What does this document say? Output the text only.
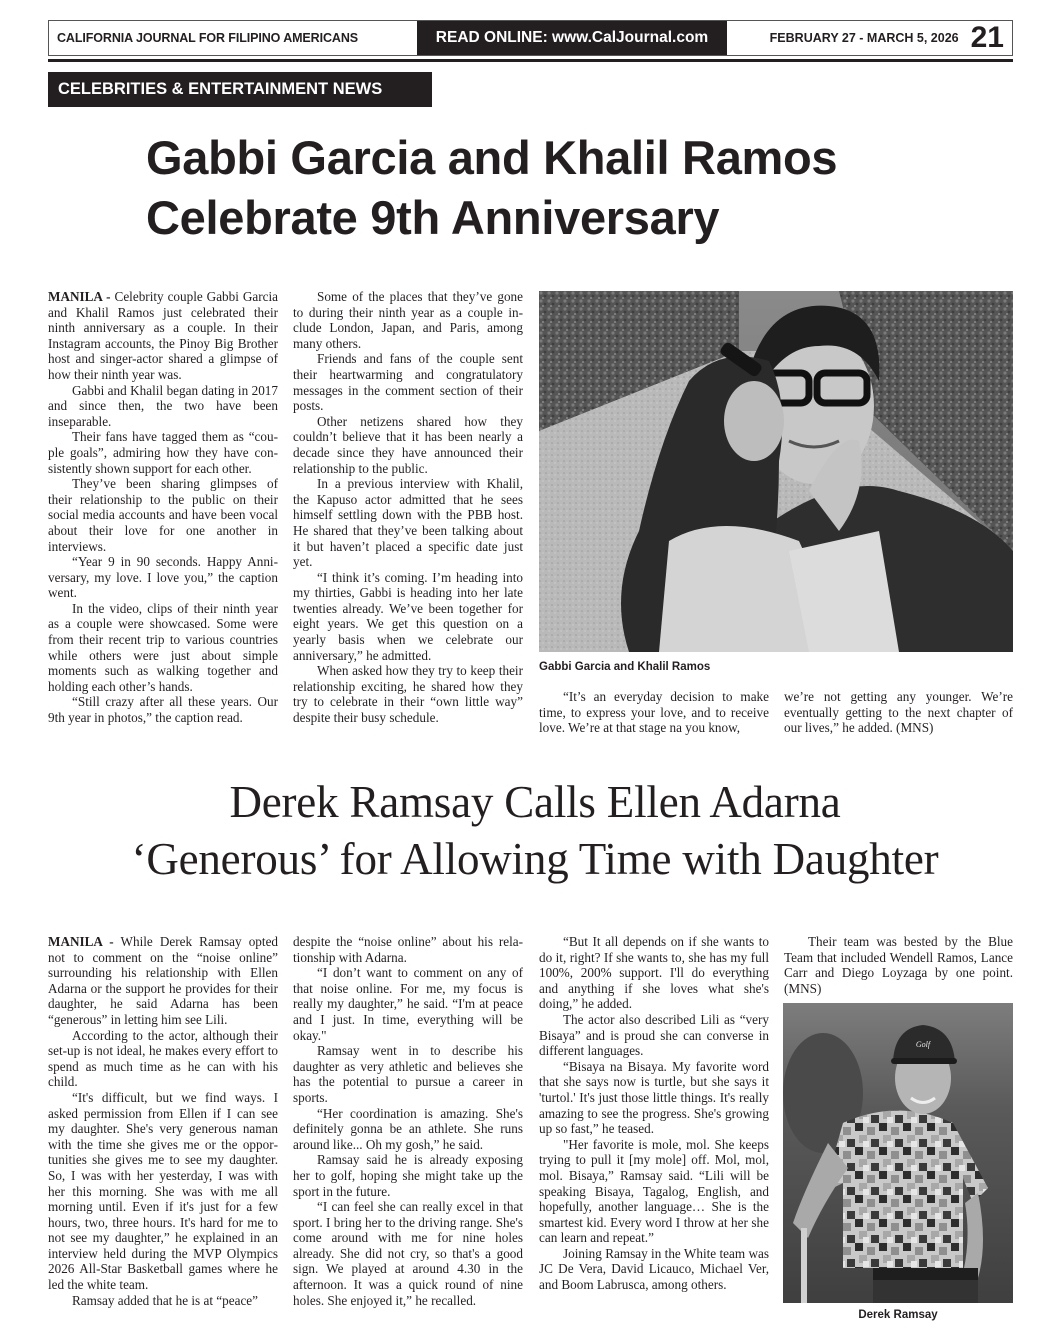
CALIFORNIA JOURNAL FOR FILIPINO AMERICANS	READ ONLINE: www.CalJournal.com	FEBRUARY 27 - MARCH 5, 2026 21
CELEBRITIES & ENTERTAINMENT NEWS
Gabbi Garcia and Khalil Ramos
Celebrate 9th Anniversary

MANILA - Celebrity couple Gabbi Garcia and Khalil Ramos just celebrated their ninth anniversary as a couple. In their Instagram accounts, the Pinoy Big Brother host and singer-actor shared a glimpse of how their ninth year was.

Gabbi and Khalil began dating in 2017 and since then, the two have been inseparable.

Their fans have tagged them as “couple goals”, admiring how they have consistently shown support for each other.

They’ve been sharing glimpses of their relationship to the public on their social media accounts and have been vocal about their love for one another in interviews.

“Year 9 in 90 seconds. Happy Anniversary, my love. I love you,” the caption went.

In the video, clips of their ninth year as a couple were showcased. Some were from their recent trip to various countries while others were just about simple moments such as walking together and holding each other’s hands.

“Still crazy after all these years. Our 9th year in photos,” the caption read.

Some of the places that they’ve gone to during their ninth year as a couple include London, Japan, and Paris, among many others.

Friends and fans of the couple sent their heartwarming and congratulatory messages in the comment section of their posts.

Other netizens shared how they couldn’t believe that it has been nearly a decade since they have announced their relationship to the public.

In a previous interview with Khalil, the Kapuso actor admitted that he sees himself settling down with the PBB host. He shared that they’ve been talking about it but haven’t placed a specific date just yet.

“I think it’s coming. I’m heading into my thirties, Gabbi is heading into her late twenties already. We’ve been together for eight years. We get this question on a yearly basis when we celebrate our anniversary,” he admitted.

When asked how they try to keep their relationship exciting, he shared how they try to celebrate in their “own little way” despite their busy schedule.

Gabbi Garcia and Khalil Ramos

“It’s an everyday decision to make time, to express your love, and to receive love. We’re at that stage na you know,

we’re not getting any younger. We’re eventually getting to the next chapter of our lives,” he added. (MNS)

Derek Ramsay Calls Ellen Adarna
‘Generous’ for Allowing Time with Daughter

MANILA - While Derek Ramsay opted not to comment on the “noise online” surrounding his relationship with Ellen Adarna or the support he provides for their daughter, he said Adarna has been “generous” in letting him see Lili.

According to the actor, although their set-up is not ideal, he makes every effort to spend as much time as he can with his child.

“It's difficult, but we find ways. I asked permission from Ellen if I can see my daughter. She's very generous naman with the time she gives me or the opportunities she gives me to see my daughter. So, I was with her yesterday, I was with her this morning. She was with me all morning until. Even if it's just for a few hours, two, three hours. It's hard for me to not see my daughter,” he explained in an interview held during the MVP Olympics 2026 All-Star Basketball games where he led the white team.

Ramsay added that he is at “peace”

despite the “noise online” about his relationship with Adarna.

“I don’t want to comment on any of that noise online. For me, my focus is really my daughter,” he said. “I'm at peace and I just. In time, everything will be okay."

Ramsay went in to describe his daughter as very athletic and believes she has the potential to pursue a career in sports.

“Her coordination is amazing. She's definitely gonna be an athlete. She runs around like... Oh my gosh,” he said.

Ramsay said he is already exposing her to golf, hoping she might take up the sport in the future.

“I can feel she can really excel in that sport. I bring her to the driving range. She's come around with me for nine holes already. She did not cry, so that's a good sign. We played at around 4.30 in the afternoon. It was a quick round of nine holes. She enjoyed it,” he recalled.

“But It all depends on if she wants to do it, right? If she wants to, she has my full 100%, 200% support. I'll do everything and anything if she loves what she's doing,” he added.

The actor also described Lili as “very Bisaya” and is proud she can converse in different languages.

“Bisaya na Bisaya. My favorite word that she says now is turtle, but she says it 'turtol.' It's just those little things. It's really amazing to see the progress. She's growing up so fast,” he teased.

"Her favorite is mole, mol. She keeps trying to pull it [my mole] off. Mol, mol, mol. Bisaya,” Ramsay said. “Lili will be speaking Bisaya, Tagalog, English, and hopefully, another language… She is the smartest kid. Every word I throw at her she can learn and repeat.”

Joining Ramsay in the White team was JC De Vera, David Licauco, Michael Ver, and Boom Labrusca, among others.

Their team was bested by the Blue Team that included Wendell Ramos, Lance Carr and Diego Loyzaga by one point. (MNS)

Golf
Derek Ramsay
